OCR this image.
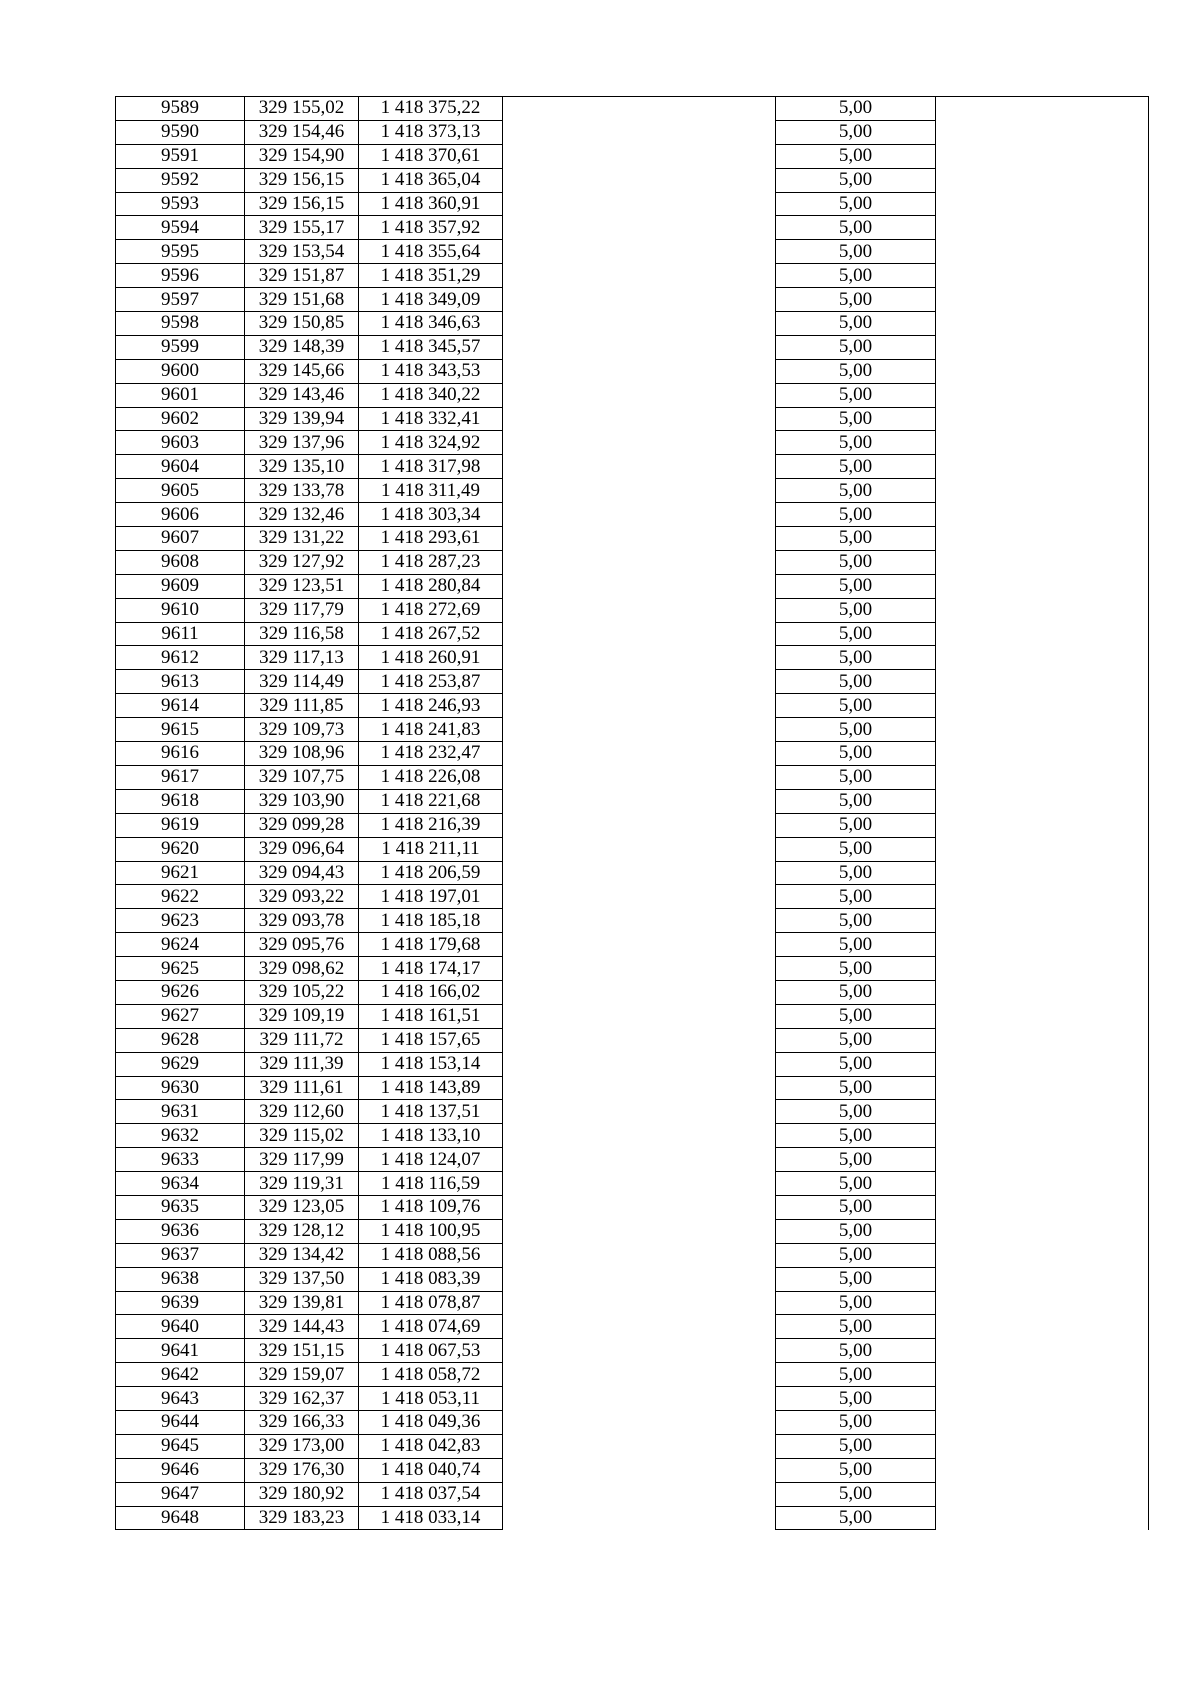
9589	329 155,02	1 418 375,22		5,00	
9590	329 154,46	1 418 373,13		5,00	
9591	329 154,90	1 418 370,61		5,00	
9592	329 156,15	1 418 365,04		5,00	
9593	329 156,15	1 418 360,91		5,00	
9594	329 155,17	1 418 357,92		5,00	
9595	329 153,54	1 418 355,64		5,00	
9596	329 151,87	1 418 351,29		5,00	
9597	329 151,68	1 418 349,09		5,00	
9598	329 150,85	1 418 346,63		5,00	
9599	329 148,39	1 418 345,57		5,00	
9600	329 145,66	1 418 343,53		5,00	
9601	329 143,46	1 418 340,22		5,00	
9602	329 139,94	1 418 332,41		5,00	
9603	329 137,96	1 418 324,92		5,00	
9604	329 135,10	1 418 317,98		5,00	
9605	329 133,78	1 418 311,49		5,00	
9606	329 132,46	1 418 303,34		5,00	
9607	329 131,22	1 418 293,61		5,00	
9608	329 127,92	1 418 287,23		5,00	
9609	329 123,51	1 418 280,84		5,00	
9610	329 117,79	1 418 272,69		5,00	
9611	329 116,58	1 418 267,52		5,00	
9612	329 117,13	1 418 260,91		5,00	
9613	329 114,49	1 418 253,87		5,00	
9614	329 111,85	1 418 246,93		5,00	
9615	329 109,73	1 418 241,83		5,00	
9616	329 108,96	1 418 232,47		5,00	
9617	329 107,75	1 418 226,08		5,00	
9618	329 103,90	1 418 221,68		5,00	
9619	329 099,28	1 418 216,39		5,00	
9620	329 096,64	1 418 211,11		5,00	
9621	329 094,43	1 418 206,59		5,00	
9622	329 093,22	1 418 197,01		5,00	
9623	329 093,78	1 418 185,18		5,00	
9624	329 095,76	1 418 179,68		5,00	
9625	329 098,62	1 418 174,17		5,00	
9626	329 105,22	1 418 166,02		5,00	
9627	329 109,19	1 418 161,51		5,00	
9628	329 111,72	1 418 157,65		5,00	
9629	329 111,39	1 418 153,14		5,00	
9630	329 111,61	1 418 143,89		5,00	
9631	329 112,60	1 418 137,51		5,00	
9632	329 115,02	1 418 133,10		5,00	
9633	329 117,99	1 418 124,07		5,00	
9634	329 119,31	1 418 116,59		5,00	
9635	329 123,05	1 418 109,76		5,00	
9636	329 128,12	1 418 100,95		5,00	
9637	329 134,42	1 418 088,56		5,00	
9638	329 137,50	1 418 083,39		5,00	
9639	329 139,81	1 418 078,87		5,00	
9640	329 144,43	1 418 074,69		5,00	
9641	329 151,15	1 418 067,53		5,00	
9642	329 159,07	1 418 058,72		5,00	
9643	329 162,37	1 418 053,11		5,00	
9644	329 166,33	1 418 049,36		5,00	
9645	329 173,00	1 418 042,83		5,00	
9646	329 176,30	1 418 040,74		5,00	
9647	329 180,92	1 418 037,54		5,00	
9648	329 183,23	1 418 033,14		5,00	
